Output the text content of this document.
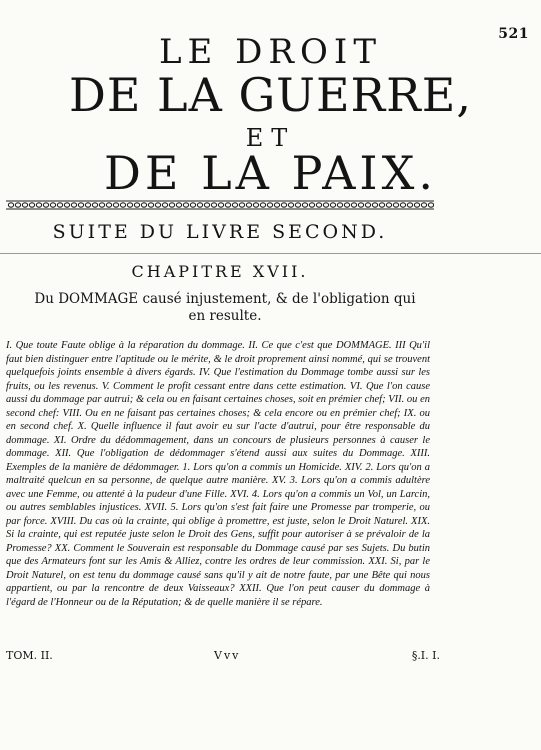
521
LE DROIT
DE LA GUERRE,
ET
DE LA PAIX.
SUITE DU LIVRE SECOND.
CHAPITRE XVII.
Du DOMMAGE causé injustement, & de l'obligation qui en resulte.
I. Que toute Faute oblige à la réparation du dommage. II. Ce que c'est que DOMMAGE. III Qu'il faut bien distinguer entre l'aptitude ou le mérite, & le droit proprement ainsi nommé, qui se trouvent quelquefois joints ensemble à divers égards. IV. Que l'estimation du Dommage tombe aussi sur les fruits, ou les revenus. V. Comment le profit cessant entre dans cette estimation. VI. Que l'on cause aussi du dommage par autrui; & cela ou en faisant certaines choses, soit en prémier chef; VII. ou en second chef: VIII. Ou en ne faisant pas certaines choses; & cela encore ou en prémier chef; IX. ou en second chef. X. Quelle influence il faut avoir eu sur l'acte d'autrui, pour être responsable du dommage. XI. Ordre du dédommagement, dans un concours de plusieurs personnes à causer le dommage. XII. Que l'obligation de dédommager s'étend aussi aux suites du Dommage. XIII. Exemples de la manière de dédommager. 1. Lors qu'on a commis un Homicide. XIV. 2. Lors qu'on a maltraité quelcun en sa personne, de quelque autre manière. XV. 3. Lors qu'on a commis adultère avec une Femme, ou attenté à la pudeur d'une Fille. XVI. 4. Lors qu'on a commis un Vol, un Larcin, ou autres semblables injustices. XVII. 5. Lors qu'on s'est fait faire une Promesse par tromperie, ou par force. XVIII. Du cas où la crainte, qui oblige à promettre, est juste, selon le Droit Naturel. XIX. Si la crainte, qui est reputée juste selon le Droit des Gens, suffit pour autoriser à se prévaloir de la Promesse? XX. Comment le Souverain est responsable du Dommage causé par ses Sujets. Du butin que des Armateurs font sur les Amis & Alliez, contre les ordres de leur commission. XXI. Si, par le Droit Naturel, on est tenu du dommage causé sans qu'il y ait de notre faute, par une Bête qui nous appartient, ou par la rencontre de deux Vaisseaux? XXII. Que l'on peut causer du dommage à l'égard de l'Honneur ou de la Réputation; & de quelle manière il se répare.
TOM. II.	Vvv	§.I. I.
